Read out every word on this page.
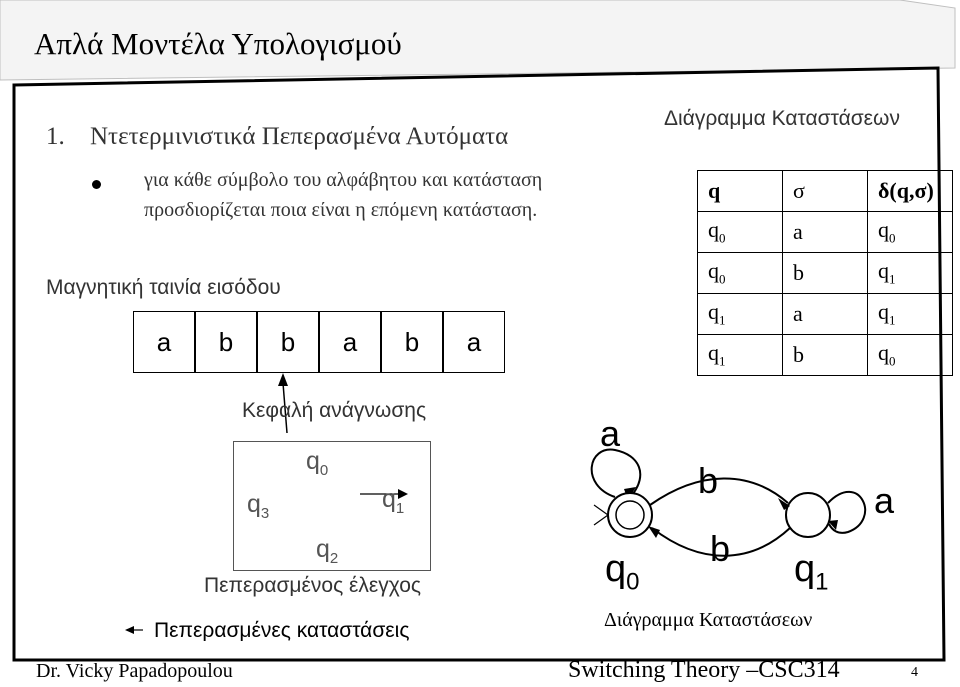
Απλά Μοντέλα Υπολογισμού
1. Ντετερμινιστικά Πεπερασμένα Αυτόματα
για κάθε σύμβολο του αλφάβητου και κατάσταση
προσδιορίζεται ποια είναι η επόμενη κατάσταση.
Μαγνητική ταινία εισόδου
a	b	b	a	b	a
Κεφαλή ανάγνωσης
$q_0$
$q_1$
$q_2$
$q_3$
Πεπερασμένος έλεγχος
Πεπερασμένες καταστάσεις
Διάγραμμα Καταστάσεων
q	σ	δ(q,σ)
$q_0$	a	$q_0$
$q_0$	b	$q_1$
$q_1$	a	$q_1$
$q_1$	b	$q_0$
a
a
b
b
$q_0$	$q_1$
Διάγραμμα Καταστάσεων
Dr. Vicky Papadopoulou	Switching Theory –CSC314	4
